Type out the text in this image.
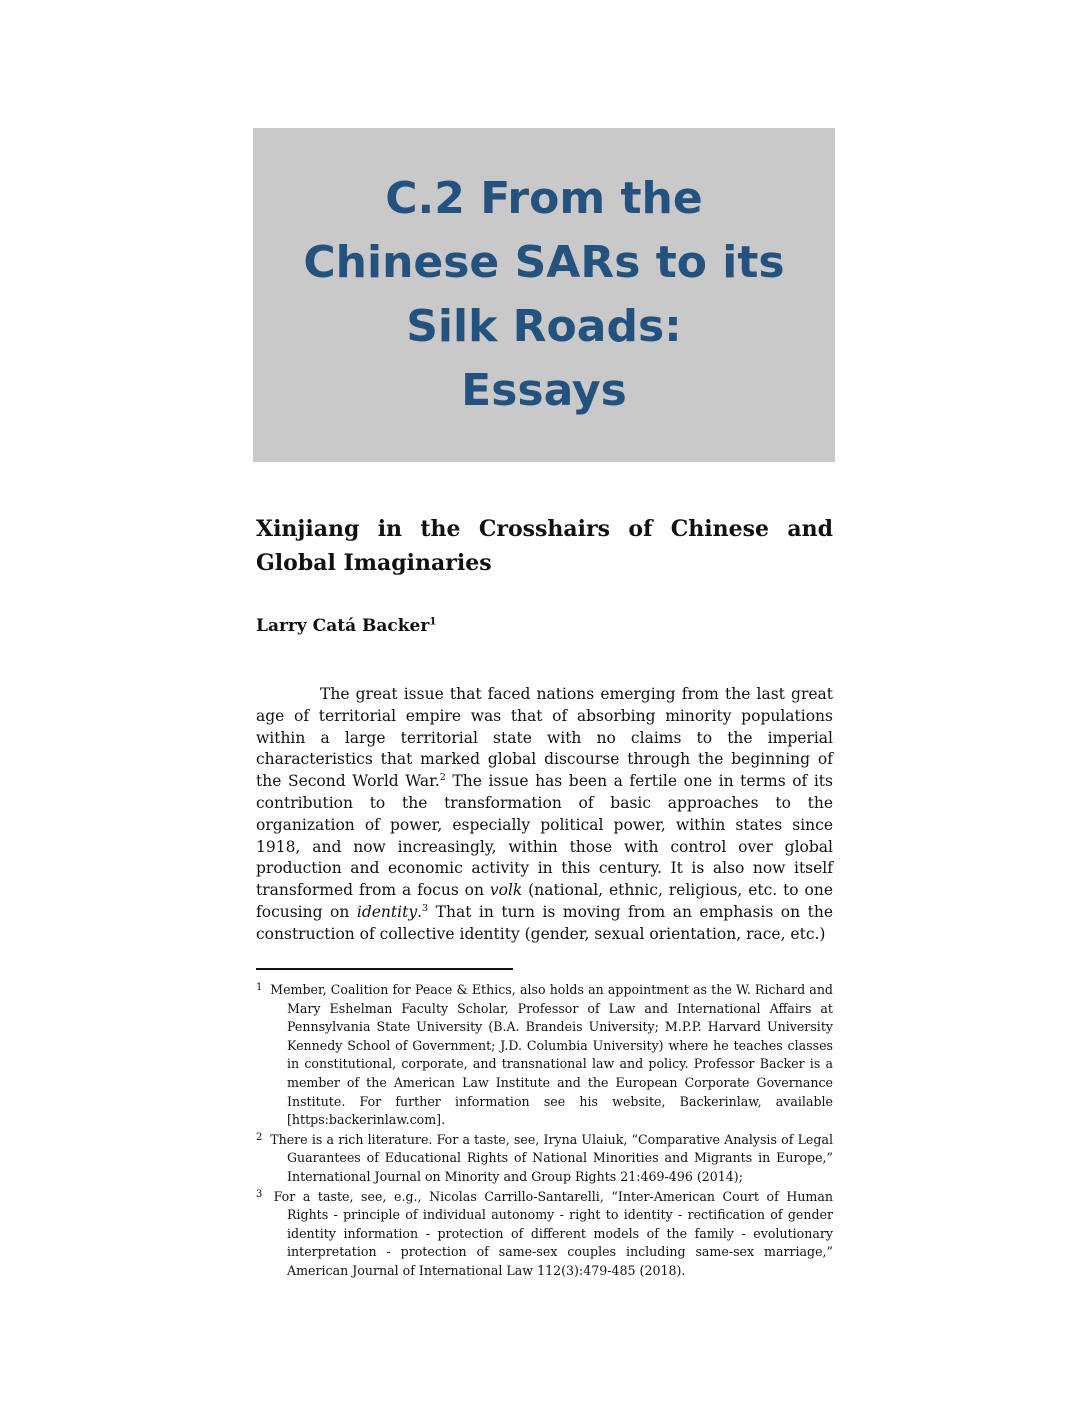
C.2 From the
Chinese SARs to its
Silk Roads:
Essays
Xinjiang in the Crosshairs of Chinese and Global Imaginaries

Larry Catá Backer$^1$

The great issue that faced nations emerging from the last great age of territorial empire was that of absorbing minority populations within a large territorial state with no claims to the imperial characteristics that marked global discourse through the beginning of the Second World War.$^2$ The issue has been a fertile one in terms of its contribution to the transformation of basic approaches to the organization of power, especially political power, within states since 1918, and now increasingly, within those with control over global production and economic activity in this century. It is also now itself transformed from a focus on volk (national, ethnic, religious, etc. to one focusing on identity.$^3$ That in turn is moving from an emphasis on the construction of collective identity (gender, sexual orientation, race, etc.)

1 Member, Coalition for Peace & Ethics, also holds an appointment as the W. Richard and Mary Eshelman Faculty Scholar, Professor of Law and International Affairs at Pennsylvania State University (B.A. Brandeis University; M.P.P. Harvard University Kennedy School of Government; J.D. Columbia University) where he teaches classes in constitutional, corporate, and transnational law and policy. Professor Backer is a member of the American Law Institute and the European Corporate Governance Institute. For further information see his website, Backerinlaw, available [https:backerinlaw.com].

2 There is a rich literature. For a taste, see, Iryna Ulaiuk, “Comparative Analysis of Legal Guarantees of Educational Rights of National Minorities and Migrants in Europe,” International Journal on Minority and Group Rights 21:469-496 (2014);

3 For a taste, see, e.g., Nicolas Carrillo-Santarelli, “Inter-American Court of Human Rights - principle of individual autonomy - right to identity - rectification of gender identity information - protection of different models of the family - evolutionary interpretation - protection of same-sex couples including same-sex marriage,” American Journal of International Law 112(3):479-485 (2018).
